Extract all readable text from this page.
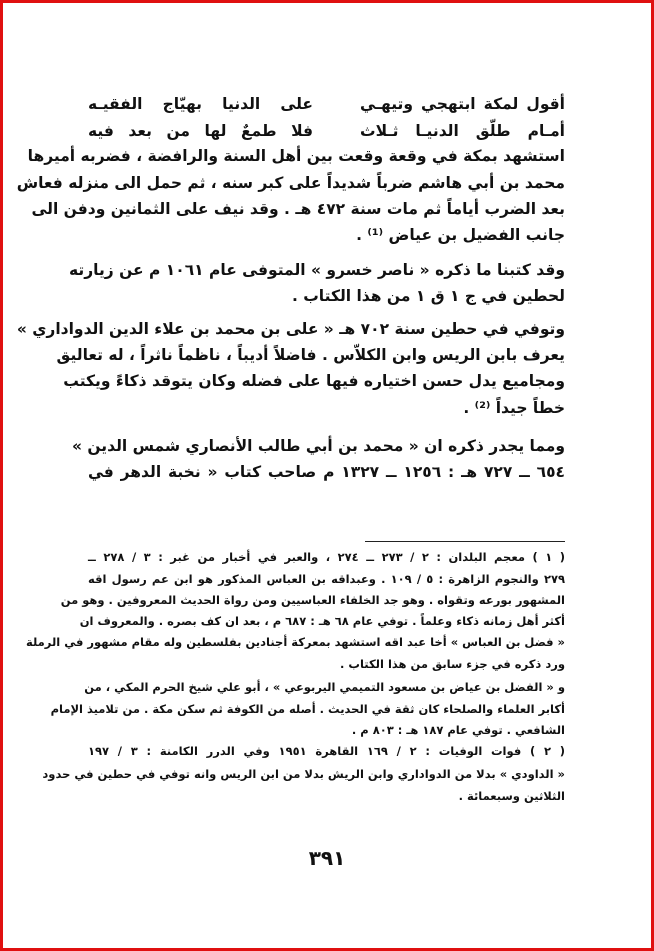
أقول لمكة ابتهجي وتيهـي
على الدنيا بهيّاج الفقيـه
أمـام طلّق الدنيـا ثـلاث
فلا طمعٌ لها من بعد فيه
استشهد بمكة في وقعة وقعت بين أهل السنة والرافضة ، فضربه أميرها
محمد بن أبي هاشم ضرباً شديداً على كبر سنه ، ثم حمل الى منزله فعاش
بعد الضرب أياماً ثم مات سنة ٤٧٢ هـ . وقد نيف على الثمانين ودفن الى
جانب الفضيل بن عياض ⁽¹⁾ .
وقد كتبنا ما ذكره « ناصر خسرو » المتوفى عام ١٠٦١ م عن زيارته
لحطين في ج ١ ق ١ من هذا الكتاب .
وتوفي في حطين سنة ٧٠٢ هـ « على بن محمد بن علاء الدين الدواداري »
يعرف بابن الريس وابن الكلاّس . فاضلاً أديباً ، ناظماً ناثراً ، له تعاليق
ومجاميع يدل حسن اختياره فيها على فضله وكان يتوقد ذكاءً ويكتب
خطاً جيداً ⁽²⁾ .
ومما يجدر ذكره ان « محمد بن أبي طالب الأنصاري شمس الدين »
٦٥٤ ــ ٧٢٧ هـ : ١٢٥٦ ــ ١٣٢٧ م صاحب كتاب « نخبة الدهر في
( ١ ) معجم البلدان : ٢ / ٢٧٣ ــ ٢٧٤ ، والعبر في أخبار من غبر : ٣ / ٢٧٨ ــ
٢٧٩ والنجوم الزاهرة : ٥ / ١٠٩ . وعبداقه بن العباس المذكور هو ابن عم رسول اقه
المشهور بورعه وتقواه . وهو جد الخلفاء العباسيين ومن رواة الحديث المعروفين . وهو من
أكثر أهل زمانه ذكاء وعلماً . توفي عام ٦٨ هـ : ٦٨٧ م ، بعد ان كف بصره . والمعروف ان
« فضل بن العباس » أخا عبد اقه استشهد بمعركة أجنادين بفلسطين وله مقام مشهور في الرملة
ورد ذكره في جزء سابق من هذا الكتاب .
و « الفضل بن عياض بن مسعود التميمي اليربوعي » ، أبو علي شيخ الحرم المكي ، من
أكابر العلماء والصلحاء كان ثقة في الحديث . أصله من الكوفة ثم سكن مكة . من تلاميذ الإمام
الشافعي . توفي عام ١٨٧ هـ : ٨٠٣ م .
( ٢ ) فوات الوفيات : ٢ / ١٦٩ القاهرة ١٩٥١ وفي الدرر الكامنة : ٣ / ١٩٧
« الداودي » بدلا من الدواداري وابن الريش بدلا من ابن الريس وانه توفي في حطين في حدود
الثلاثين وسبعمائة .
٣٩١
